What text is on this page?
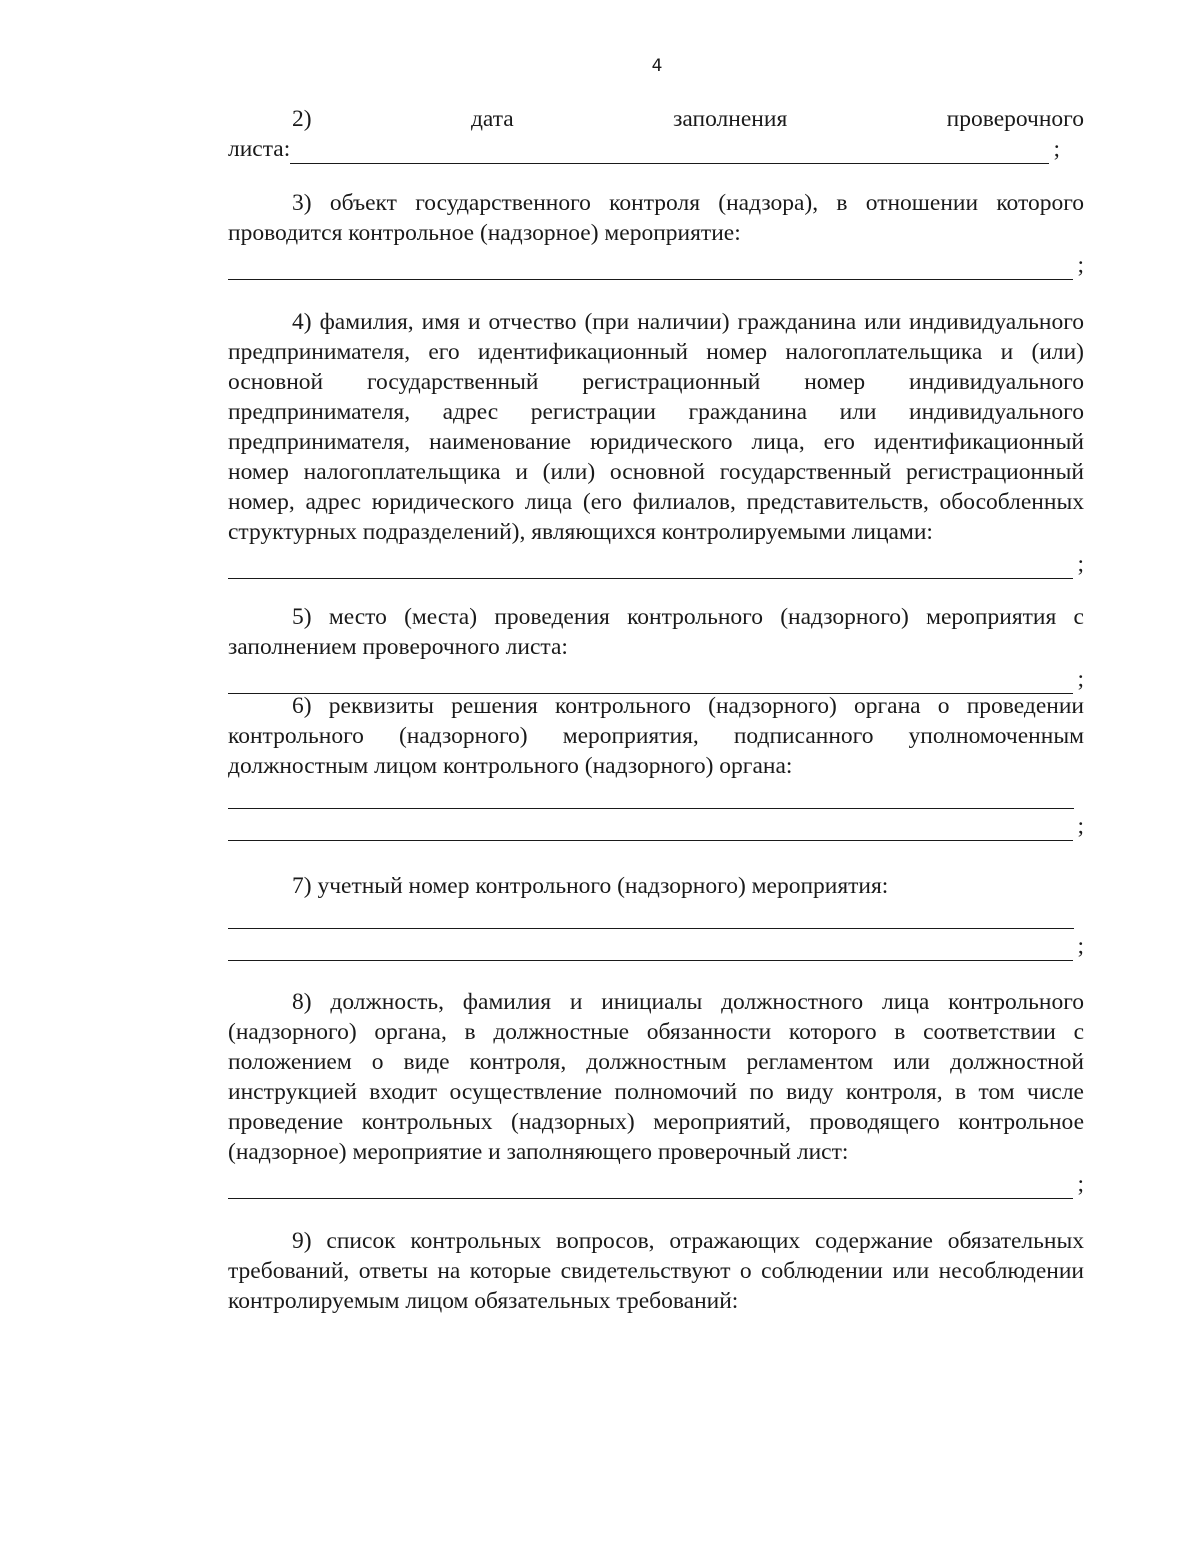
4
2)	дата	заполнения	проверочного
листа:	;

3) объект государственного контроля (надзора), в отношении которого проводится контрольное (надзорное) мероприятие:

;

4) фамилия, имя и отчество (при наличии) гражданина или индивидуального предпринимателя, его идентификационный номер налогоплательщика и (или) основной государственный регистрационный номер индивидуального предпринимателя, адрес регистрации гражданина или индивидуального предпринимателя, наименование юридического лица, его идентификационный номер налогоплательщика и (или) основной государственный регистрационный номер, адрес юридического лица (его филиалов, представительств, обособленных структурных подразделений), являющихся контролируемыми лицами:

;

5) место (места) проведения контрольного (надзорного) мероприятия с заполнением проверочного листа:

;

6) реквизиты решения контрольного (надзорного) органа о проведении контрольного (надзорного) мероприятия, подписанного уполномоченным должностным лицом контрольного (надзорного) органа:

;

7) учетный номер контрольного (надзорного) мероприятия:

;

8) должность, фамилия и инициалы должностного лица контрольного (надзорного) органа, в должностные обязанности которого в соответствии с положением о виде контроля, должностным регламентом или должностной инструкцией входит осуществление полномочий по виду контроля, в том числе проведение контрольных (надзорных) мероприятий, проводящего контрольное (надзорное) мероприятие и заполняющего проверочный лист:

;

9) список контрольных вопросов, отражающих содержание обязательных требований, ответы на которые свидетельствуют о соблюдении или несоблюдении контролируемым лицом обязательных требований:
